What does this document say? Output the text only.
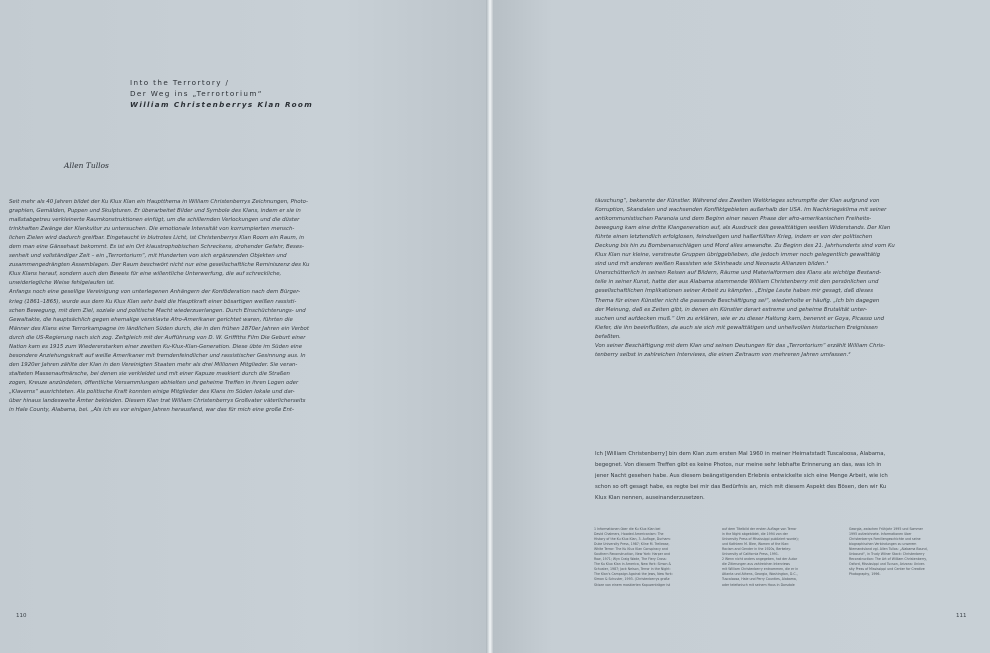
Into the Terrortory /
Der Weg ins „Terrortorium“
William Christenberrys Klan Room
Allen Tullos

Seit mehr als 40 Jahren bildet der Ku Klux Klan ein Hauptthema in William Christenberrys Zeichnungen, Photo-

graphien, Gemälden, Puppen und Skulpturen. Er überarbeitet Bilder und Symbole des Klans, indem er sie in

maßstabgetreu verkleinerte Raumkonstruktionen einfügt, um die schillernden Verlockungen und die düster

trinkhaften Zwänge der Klankultur zu untersuchen. Die emotionale Intensität von korrumpierten mensch-

lichen Zielen wird dadurch greifbar. Eingetaucht in blutrotes Licht, ist Christenberrys Klan Room ein Raum, in

dem man eine Gänsehaut bekommt. Es ist ein Ort klaustrophobischen Schreckens, drohender Gefahr, Beses-

senheit und vollständiger Zeit – ein „Terrortorium“, mit Hunderten von sich ergänzenden Objekten und

zusammengedrängten Assemblagen. Der Raum beschwört nicht nur eine gesellschaftliche Reminiszenz des Ku

Klux Klans herauf, sondern auch den Beweis für eine willentliche Unterwerfung, die auf schreckliche,

unwiderlegliche Weise fehlgelaufen ist.

Anfangs noch eine gesellige Vereinigung von unterlegenen Anhängern der Konföderation nach dem Bürger-

krieg (1861–1865), wurde aus dem Ku Klux Klan sehr bald die Hauptkraft einer bösartigen weißen rassisti-

schen Bewegung, mit dem Ziel, soziale und politische Macht wiederzuerlangen. Durch Einschüchterungs- und

Gewaltakte, die hauptsächlich gegen ehemalige versklavte Afro-Amerikaner gerichtet waren, führten die

Männer des Klans eine Terrorkampagne im ländlichen Süden durch, die in den frühen 1870er Jahren ein Verbot

durch die US-Regierung nach sich zog. Zeitgleich mit der Aufführung von D. W. Griffiths Film Die Geburt einer

Nation kam es 1915 zum Wiedererstarken einer zweiten Ku-Klux-Klan-Generation. Diese übte im Süden eine

besondere Anziehungskraft auf weiße Amerikaner mit fremdenfeindlicher und rassistischer Gesinnung aus. In

den 1920er Jahren zählte der Klan in den Vereinigten Staaten mehr als drei Millionen Mitglieder. Sie veran-

stalteten Massenaufmärsche, bei denen sie verkleidet und mit einer Kapuze maskiert durch die Straßen

zogen, Kreuze anzündeten, öffentliche Versammlungen abhielten und geheime Treffen in ihren Logen oder

„Klaverns“ ausrichteten. Als politische Kraft konnten einige Mitglieder des Klans im Süden lokale und dar-

über hinaus landesweite Ämter bekleiden. Diesem Klan trat William Christenberrys Großvater väterlicherseits

in Hale County, Alabama, bei. „Als ich es vor einigen Jahren herausfand, war das für mich eine große Ent-

110

täuschung“, bekannte der Künstler. Während des Zweiten Weltkrieges schrumpfte der Klan aufgrund von

Korruption, Skandalen und wachsenden Konfliktgebieten außerhalb der USA. Im Nachkriegsklima mit seiner

antikommunistischen Paranoia und dem Beginn einer neuen Phase der afro-amerikanischen Freiheits-

bewegung kam eine dritte Klangeneration auf, als Ausdruck des gewalttätigen weißen Widerstands. Der Klan

führte einen letztendlich erfolglosen, feindseligen und haßerfüllten Krieg, indem er von der politischen

Deckung bis hin zu Bombenanschlägen und Mord alles anwandte. Zu Beginn des 21. Jahrhunderts sind vom Ku

Klux Klan nur kleine, verstreute Gruppen übriggeblieben, die jedoch immer noch gelegentlich gewalttätig

sind und mit anderen weißen Rassisten wie Skinheads und Neonazis Allianzen bilden.¹

Unerschütterlich in seinen Reisen auf Bildern, Räume und Materialformen des Klans als wichtige Bestand-

teile in seiner Kunst, hatte der aus Alabama stammende William Christenberry mit den persönlichen und

gesellschaftlichen Implikationen seiner Arbeit zu kämpfen. „Einige Leute haben mir gesagt, daß dieses

Thema für einen Künstler nicht die passende Beschäftigung sei“, wiederholte er häufig. „Ich bin dagegen

der Meinung, daß es Zeiten gibt, in denen ein Künstler derart extreme und geheime Brutalität unter-

suchen und aufdecken muß.“ Um zu erklären, wie er zu dieser Haltung kam, benennt er Goya, Picasso und

Kiefer, die ihn beeinflußten, da auch sie sich mit gewalttätigen und unheilvollen historischen Ereignissen

befaßten.

Von seiner Beschäftigung mit dem Klan und seinen Deutungen für das „Terrortorium“ erzählt William Chris-

tenberry selbst in zahlreichen Interviews, die einen Zeitraum von mehreren Jahren umfassen.²

Ich [William Christenberry] bin dem Klan zum ersten Mal 1960 in meiner Heimatstadt Tuscaloosa, Alabama,

begegnet. Von diesem Treffen gibt es keine Photos, nur meine sehr lebhafte Erinnerung an das, was ich in

jener Nacht gesehen habe. Aus diesem beängstigenden Erlebnis entwickelte sich eine Menge Arbeit, wie ich

schon so oft gesagt habe, es regte bei mir das Bedürfnis an, mich mit diesem Aspekt des Bösen, den wir Ku

Klux Klan nennen, auseinanderzusetzen.

1 Informationen über die Ku Klux Klan bei

David Chalmers, Hooded Americanism: The

History of the Ku Klux Klan, 3. Auflage, Durham:

Duke University Press, 1987; Kline M. Treliease,

White Terror: The Ku Klux Klan Conspiracy and

Southern Reconstruction, New York: Harper and

Row, 1971; Wyn Craig Wade, The Fiery Cross:

The Ku Klux Klan in America, New York: Simon &

Schuster, 1987; Jack Nelson, Terror in the Night:

The Klan's Campaign Against the Jews, New York:

Simon & Schuster, 1993. (Christenberrys große

Skizze von einem maskierten Kapuzenträger ist

auf dem Titelbild der ersten Auflage von Terror

in the Night abgebildet, die 1994 von der

University Press of Mississippi publiziert wurde);

und Kathleen M. Blee, Women of the Klan:

Racism and Gender in the 1920s, Berkeley:

University of California Press, 1991.

2 Wenn nicht anders angegeben, hat der Autor

die Zitierungen aus zahlreichen Interviews

mit William Christenberry entnommen, die er in

Atlanta und Athens, Georgia, Washington, D.C.,

Tuscaloosa, Hale und Perry Counties, Alabama,

oder telefonisch mit seinem Haus in Dorsdale

Georgia, zwischen Frühjahr 1995 und Sommer

1995 aufzeichnete. Informationen über

Christenberrys Familiengeschichte und seine

biographischen Verbindungen zu unserem

Niemandsland vgl. Allen Tullos: „Alabama Bound,

Unbound“, in Trudy Wilner Stack: Christenberry

Reconstruction: The Art of William Christenberry,

Oxford, Mississippi und Tucson, Arizona: Univer-

sity Press of Mississippi und Center for Creative

Photography, 1996.

111
